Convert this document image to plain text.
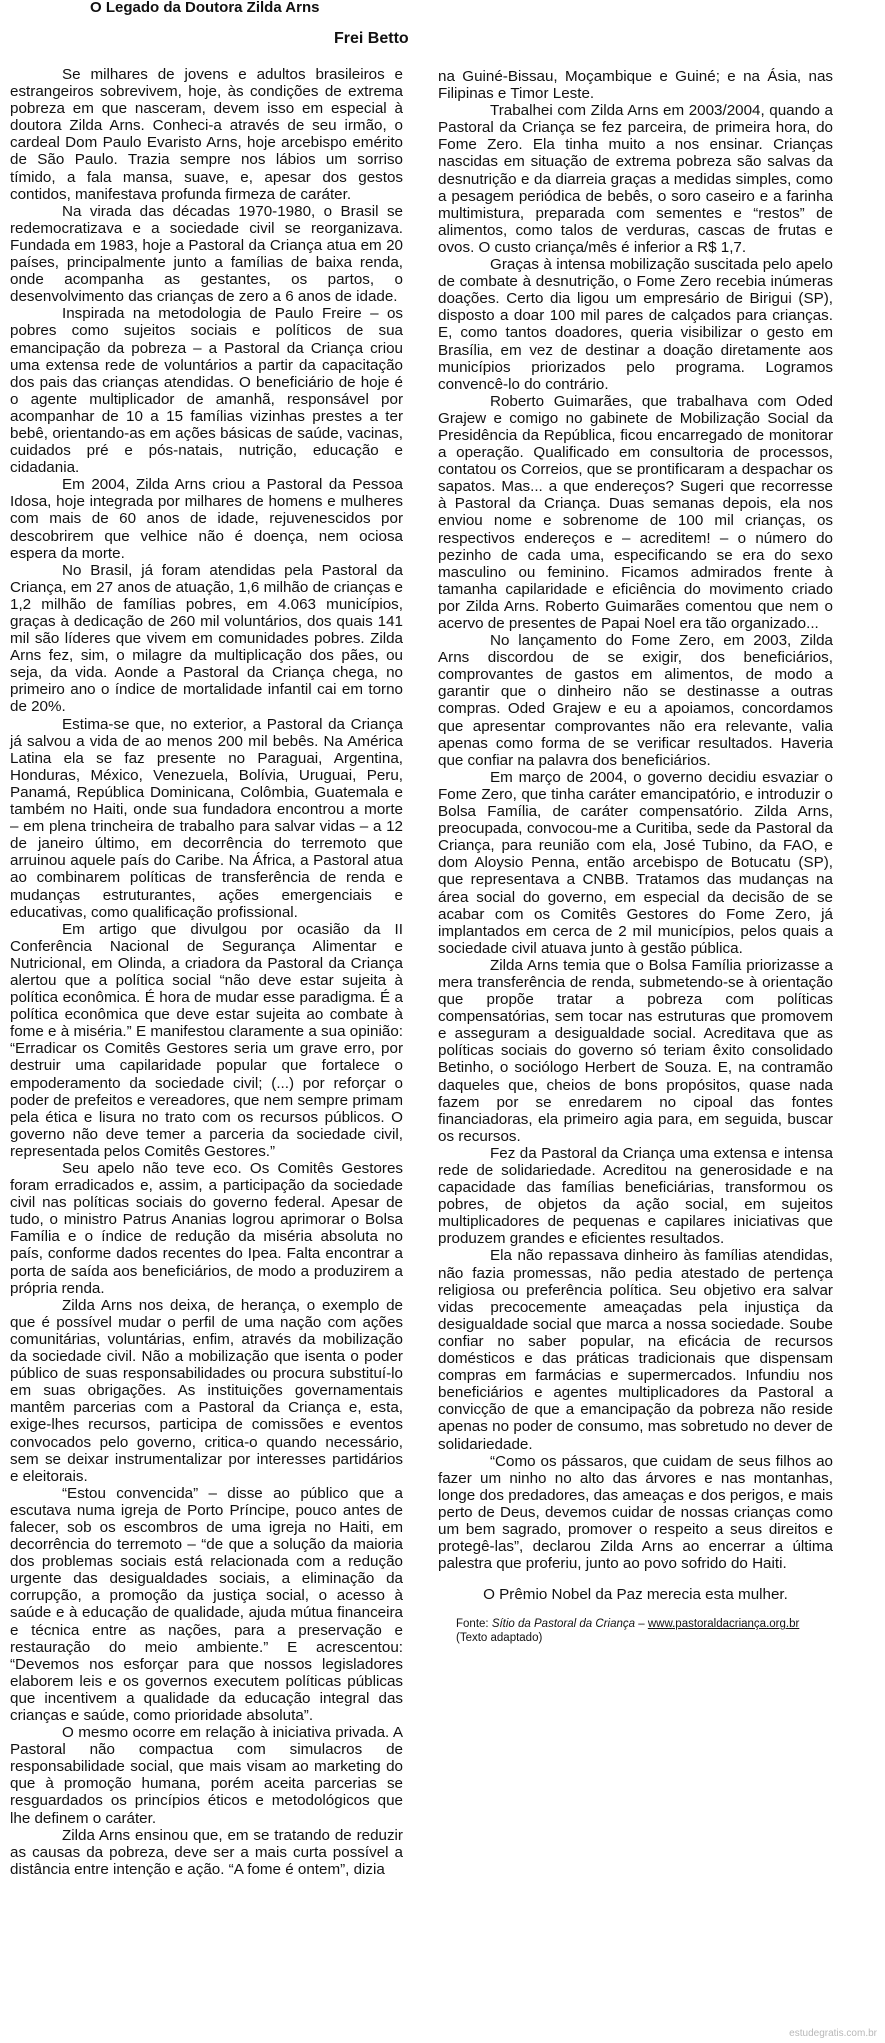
O Legado da Doutora Zilda Arns
Frei Betto

Se milhares de jovens e adultos brasileiros e estrangeiros sobrevivem, hoje, às condições de extrema pobreza em que nasceram, devem isso em especial à doutora Zilda Arns. Conheci-a através de seu irmão, o cardeal Dom Paulo Evaristo Arns, hoje arcebispo emérito de São Paulo. Trazia sempre nos lábios um sorriso tímido, a fala mansa, suave, e, apesar dos gestos contidos, manifestava profunda firmeza de caráter.

Na virada das décadas 1970-1980, o Brasil se redemocratizava e a sociedade civil se reorganizava. Fundada em 1983, hoje a Pastoral da Criança atua em 20 países, principalmente junto a famílias de baixa renda, onde acompanha as gestantes, os partos, o desenvolvimento das crianças de zero a 6 anos de idade.

Inspirada na metodologia de Paulo Freire – os pobres como sujeitos sociais e políticos de sua emancipação da pobreza – a Pastoral da Criança criou uma extensa rede de voluntários a partir da capacitação dos pais das crianças atendidas. O beneficiário de hoje é o agente multiplicador de amanhã, responsável por acompanhar de 10 a 15 famílias vizinhas prestes a ter bebê, orientando-as em ações básicas de saúde, vacinas, cuidados pré e pós-natais, nutrição, educação e cidadania.

Em 2004, Zilda Arns criou a Pastoral da Pessoa Idosa, hoje integrada por milhares de homens e mulheres com mais de 60 anos de idade, rejuvenescidos por descobrirem que velhice não é doença, nem ociosa espera da morte.

No Brasil, já foram atendidas pela Pastoral da Criança, em 27 anos de atuação, 1,6 milhão de crianças e 1,2 milhão de famílias pobres, em 4.063 municípios, graças à dedicação de 260 mil voluntários, dos quais 141 mil são líderes que vivem em comunidades pobres. Zilda Arns fez, sim, o milagre da multiplicação dos pães, ou seja, da vida. Aonde a Pastoral da Criança chega, no primeiro ano o índice de mortalidade infantil cai em torno de 20%.

Estima-se que, no exterior, a Pastoral da Criança já salvou a vida de ao menos 200 mil bebês. Na América Latina ela se faz presente no Paraguai, Argentina, Honduras, México, Venezuela, Bolívia, Uruguai, Peru, Panamá, República Dominicana, Colômbia, Guatemala e também no Haiti, onde sua fundadora encontrou a morte – em plena trincheira de trabalho para salvar vidas – a 12 de janeiro último, em decorrência do terremoto que arruinou aquele país do Caribe. Na África, a Pastoral atua ao combinarem políticas de transferência de renda e mudanças estruturantes, ações emergenciais e educativas, como qualificação profissional.

Em artigo que divulgou por ocasião da II Conferência Nacional de Segurança Alimentar e Nutricional, em Olinda, a criadora da Pastoral da Criança alertou que a política social “não deve estar sujeita à política econômica. É hora de mudar esse paradigma. É a política econômica que deve estar sujeita ao combate à fome e à miséria.” E manifestou claramente a sua opinião: “Erradicar os Comitês Gestores seria um grave erro, por destruir uma capilaridade popular que fortalece o empoderamento da sociedade civil; (...) por reforçar o poder de prefeitos e vereadores, que nem sempre primam pela ética e lisura no trato com os recursos públicos. O governo não deve temer a parceria da sociedade civil, representada pelos Comitês Gestores.”

Seu apelo não teve eco. Os Comitês Gestores foram erradicados e, assim, a participação da sociedade civil nas políticas sociais do governo federal. Apesar de tudo, o ministro Patrus Ananias logrou aprimorar o Bolsa Família e o índice de redução da miséria absoluta no país, conforme dados recentes do Ipea. Falta encontrar a porta de saída aos beneficiários, de modo a produzirem a própria renda.

Zilda Arns nos deixa, de herança, o exemplo de que é possível mudar o perfil de uma nação com ações comunitárias, voluntárias, enfim, através da mobilização da sociedade civil. Não a mobilização que isenta o poder público de suas responsabilidades ou procura substituí-lo em suas obrigações. As instituições governamentais mantêm parcerias com a Pastoral da Criança e, esta, exige-lhes recursos, participa de comissões e eventos convocados pelo governo, critica-o quando necessário, sem se deixar instrumentalizar por interesses partidários e eleitorais.

“Estou convencida” – disse ao público que a escutava numa igreja de Porto Príncipe, pouco antes de falecer, sob os escombros de uma igreja no Haiti, em decorrência do terremoto – “de que a solução da maioria dos problemas sociais está relacionada com a redução urgente das desigualdades sociais, a eliminação da corrupção, a promoção da justiça social, o acesso à saúde e à educação de qualidade, ajuda mútua financeira e técnica entre as nações, para a preservação e restauração do meio ambiente.” E acrescentou: “Devemos nos esforçar para que nossos legisladores elaborem leis e os governos executem políticas públicas que incentivem a qualidade da educação integral das crianças e saúde, como prioridade absoluta”.

O mesmo ocorre em relação à iniciativa privada. A Pastoral não compactua com simulacros de responsabilidade social, que mais visam ao marketing do que à promoção humana, porém aceita parcerias se resguardados os princípios éticos e metodológicos que lhe definem o caráter.

Zilda Arns ensinou que, em se tratando de reduzir as causas da pobreza, deve ser a mais curta possível a distância entre intenção e ação. “A fome é ontem”, dizia

na Guiné-Bissau, Moçambique e Guiné; e na Ásia, nas Filipinas e Timor Leste.

Trabalhei com Zilda Arns em 2003/2004, quando a Pastoral da Criança se fez parceira, de primeira hora, do Fome Zero. Ela tinha muito a nos ensinar. Crianças nascidas em situação de extrema pobreza são salvas da desnutrição e da diarreia graças a medidas simples, como a pesagem periódica de bebês, o soro caseiro e a farinha multimistura, preparada com sementes e “restos” de alimentos, como talos de verduras, cascas de frutas e ovos. O custo criança/mês é inferior a R$ 1,7.

Graças à intensa mobilização suscitada pelo apelo de combate à desnutrição, o Fome Zero recebia inúmeras doações. Certo dia ligou um empresário de Birigui (SP), disposto a doar 100 mil pares de calçados para crianças. E, como tantos doadores, queria visibilizar o gesto em Brasília, em vez de destinar a doação diretamente aos municípios priorizados pelo programa. Logramos convencê-lo do contrário.

Roberto Guimarães, que trabalhava com Oded Grajew e comigo no gabinete de Mobilização Social da Presidência da República, ficou encarregado de monitorar a operação. Qualificado em consultoria de processos, contatou os Correios, que se prontificaram a despachar os sapatos. Mas... a que endereços? Sugeri que recorresse à Pastoral da Criança. Duas semanas depois, ela nos enviou nome e sobrenome de 100 mil crianças, os respectivos endereços e – acreditem! – o número do pezinho de cada uma, especificando se era do sexo masculino ou feminino. Ficamos admirados frente à tamanha capilaridade e eficiência do movimento criado por Zilda Arns. Roberto Guimarães comentou que nem o acervo de presentes de Papai Noel era tão organizado...

No lançamento do Fome Zero, em 2003, Zilda Arns discordou de se exigir, dos beneficiários, comprovantes de gastos em alimentos, de modo a garantir que o dinheiro não se destinasse a outras compras. Oded Grajew e eu a apoiamos, concordamos que apresentar comprovantes não era relevante, valia apenas como forma de se verificar resultados. Haveria que confiar na palavra dos beneficiários.

Em março de 2004, o governo decidiu esvaziar o Fome Zero, que tinha caráter emancipatório, e introduzir o Bolsa Família, de caráter compensatório. Zilda Arns, preocupada, convocou-me a Curitiba, sede da Pastoral da Criança, para reunião com ela, José Tubino, da FAO, e dom Aloysio Penna, então arcebispo de Botucatu (SP), que representava a CNBB. Tratamos das mudanças na área social do governo, em especial da decisão de se acabar com os Comitês Gestores do Fome Zero, já implantados em cerca de 2 mil municípios, pelos quais a sociedade civil atuava junto à gestão pública.

Zilda Arns temia que o Bolsa Família priorizasse a mera transferência de renda, submetendo-se à orientação que propõe tratar a pobreza com políticas compensatórias, sem tocar nas estruturas que promovem e asseguram a desigualdade social. Acreditava que as políticas sociais do governo só teriam êxito consolidado Betinho, o sociólogo Herbert de Souza. E, na contramão daqueles que, cheios de bons propósitos, quase nada fazem por se enredarem no cipoal das fontes financiadoras, ela primeiro agia para, em seguida, buscar os recursos.

Fez da Pastoral da Criança uma extensa e intensa rede de solidariedade. Acreditou na generosidade e na capacidade das famílias beneficiárias, transformou os pobres, de objetos da ação social, em sujeitos multiplicadores de pequenas e capilares iniciativas que produzem grandes e eficientes resultados.

Ela não repassava dinheiro às famílias atendidas, não fazia promessas, não pedia atestado de pertença religiosa ou preferência política. Seu objetivo era salvar vidas precocemente ameaçadas pela injustiça da desigualdade social que marca a nossa sociedade. Soube confiar no saber popular, na eficácia de recursos domésticos e das práticas tradicionais que dispensam compras em farmácias e supermercados. Infundiu nos beneficiários e agentes multiplicadores da Pastoral a convicção de que a emancipação da pobreza não reside apenas no poder de consumo, mas sobretudo no dever de solidariedade.

“Como os pássaros, que cuidam de seus filhos ao fazer um ninho no alto das árvores e nas montanhas, longe dos predadores, das ameaças e dos perigos, e mais perto de Deus, devemos cuidar de nossas crianças como um bem sagrado, promover o respeito a seus direitos e protegê-las”, declarou Zilda Arns ao encerrar a última palestra que proferiu, junto ao povo sofrido do Haiti.

O Prêmio Nobel da Paz merecia esta mulher.
Fonte: Sítio da Pastoral da Criança – www.pastoraldacriança.org.br
(Texto adaptado)
estudegratis.com.br
